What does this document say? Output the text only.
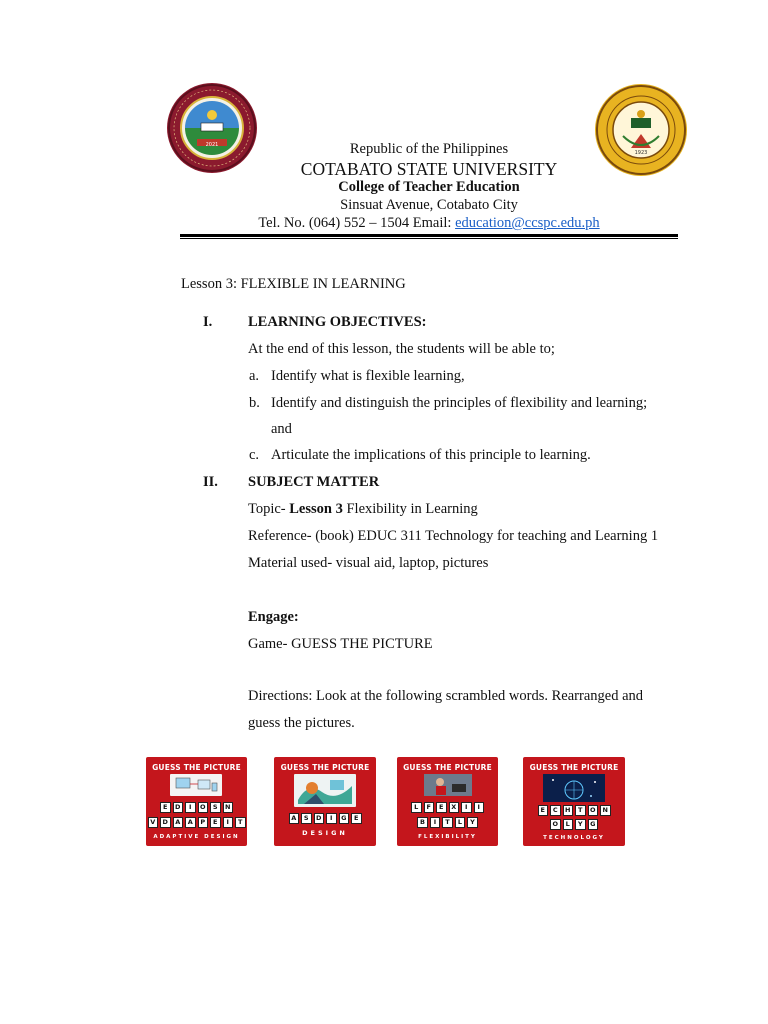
2021
1923
Republic of the Philippines
COTABATO STATE UNIVERSITY
College of Teacher Education
Sinsuat Avenue, Cotabato City
Tel. No. (064) 552 – 1504 Email: education@ccspc.edu.ph
Lesson 3: FLEXIBLE IN LEARNING
I. LEARNING OBJECTIVES:
At the end of this lesson, the students will be able to;
a. Identify what is flexible learning,
b. Identify and distinguish the principles of flexibility and learning;
and
c. Articulate the implications of this principle to learning.
II. SUBJECT MATTER
Topic- Lesson 3 Flexibility in Learning
Reference- (book) EDUC 311 Technology for teaching and Learning 1
Material used- visual aid, laptop, pictures
Engage:
Game- GUESS THE PICTURE
Directions: Look at the following scrambled words. Rearranged and
guess the pictures.
GUESS THE PICTURE
E D I O S N
V D A A P E I T
ADAPTIVE DESIGN
GUESS THE PICTURE
A S D I G E
DESIGN
GUESS THE PICTURE
L F E X I I
B I T L Y
FLEXIBILITY
GUESS THE PICTURE
E C H T O N
O L Y G
TECHNOLOGY
